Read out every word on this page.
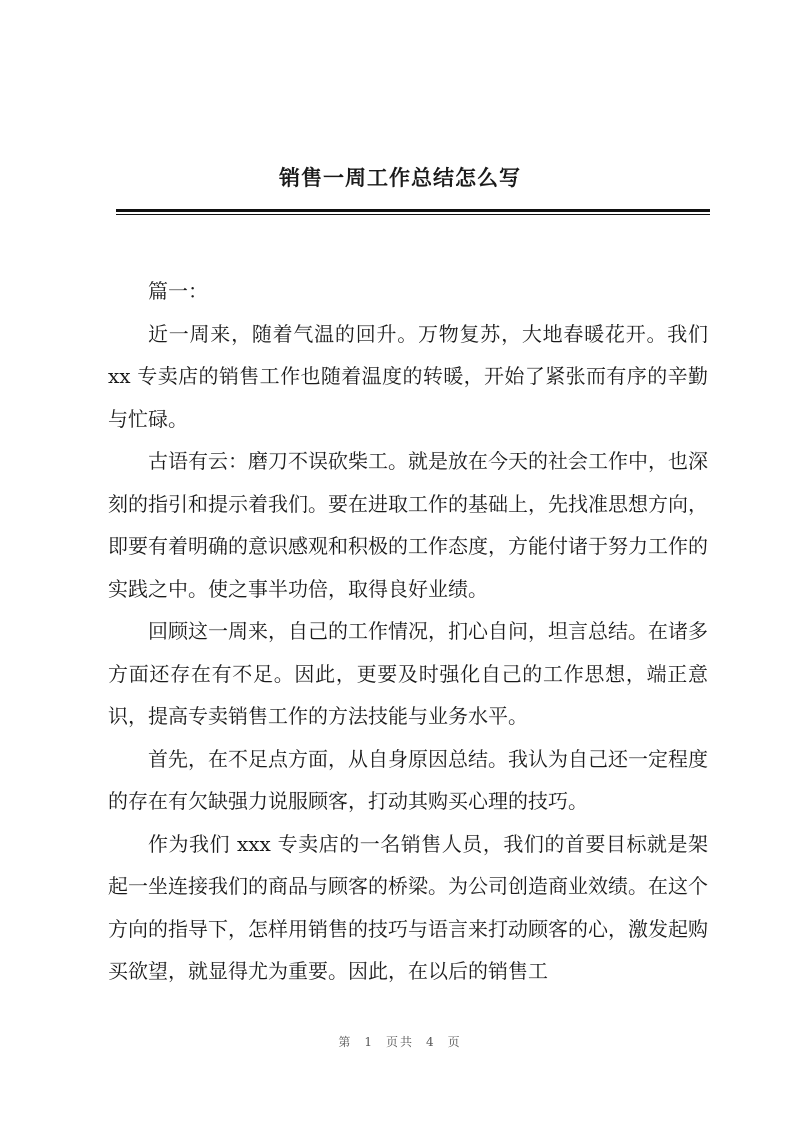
销售一周工作总结怎么写

篇一：

近一周来，随着气温的回升。万物复苏，大地春暖花开。我们 xx 专卖店的销售工作也随着温度的转暖，开始了紧张而有序的辛勤与忙碌。

古语有云：磨刀不误砍柴工。就是放在今天的社会工作中，也深刻的指引和提示着我们。要在进取工作的基础上，先找准思想方向，即要有着明确的意识感观和积极的工作态度，方能付诸于努力工作的实践之中。使之事半功倍，取得良好业绩。

回顾这一周来，自己的工作情况，扪心自问，坦言总结。在诸多方面还存在有不足。因此，更要及时强化自己的工作思想，端正意识，提高专卖销售工作的方法技能与业务水平。

首先，在不足点方面，从自身原因总结。我认为自己还一定程度的存在有欠缺强力说服顾客，打动其购买心理的技巧。

作为我们 xxx 专卖店的一名销售人员，我们的首要目标就是架起一坐连接我们的商品与顾客的桥梁。为公司创造商业效绩。在这个方向的指导下，怎样用销售的技巧与语言来打动顾客的心，激发起购买欲望，就显得尤为重要。因此，在以后的销售工

第 1 页共 4 页
